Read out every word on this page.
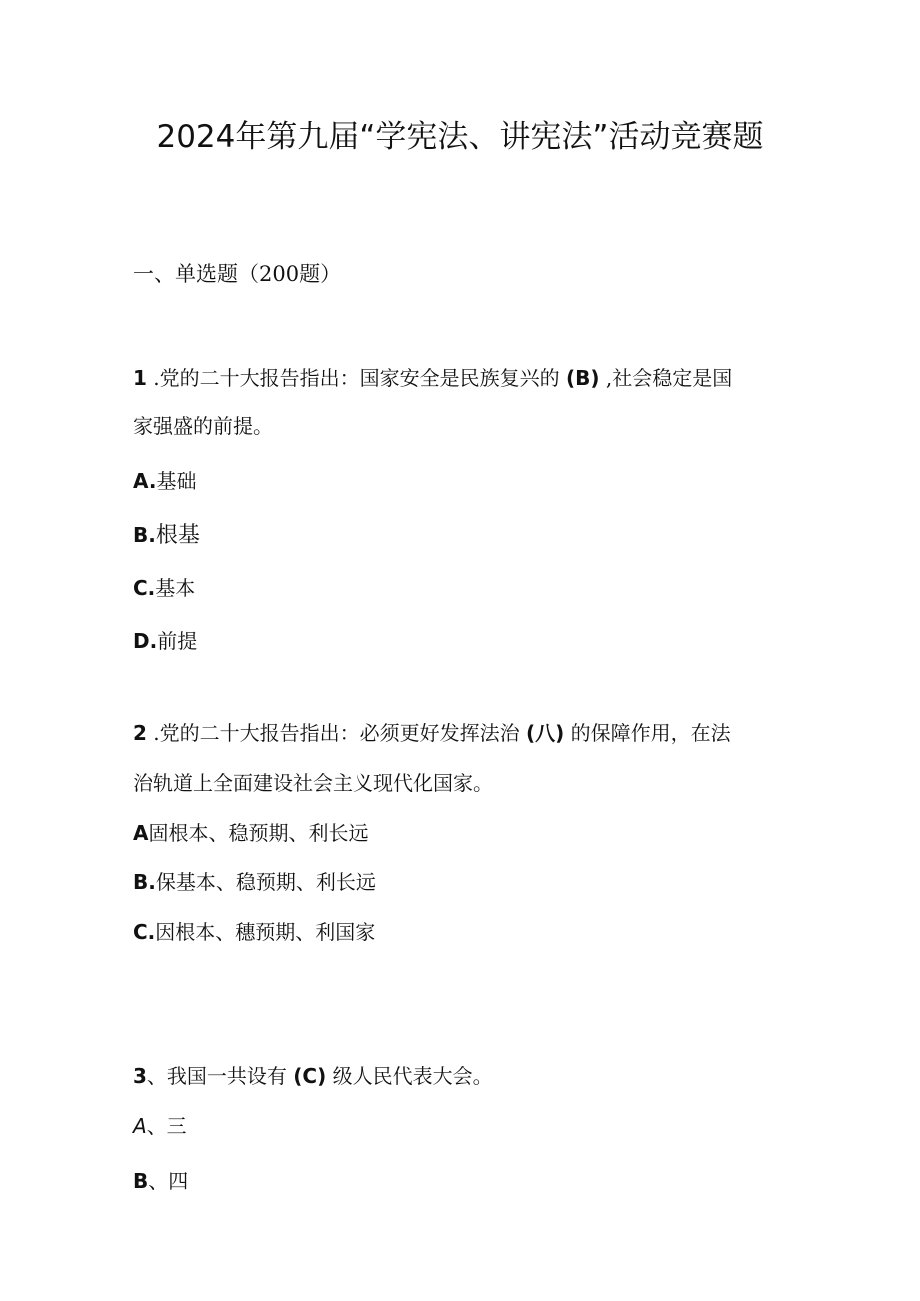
2024年第九届“学宪法、讲宪法”活动竞赛题
一、单选题（200题）
1 .党的二十大报告指出：国家安全是民族复兴的 (B) ,社会稳定是国
家强盛的前提。
A.基础
B.根基
C.基本
D.前提
2 .党的二十大报告指出：必须更好发挥法治 (八) 的保障作用，在法
治轨道上全面建设社会主义现代化国家。
A固根本、稳预期、利长远
B.保基本、稳预期、利长远
C.因根本、穗预期、利国家
3、我国一共设有 (C) 级人民代表大会。
A、三
B、四
